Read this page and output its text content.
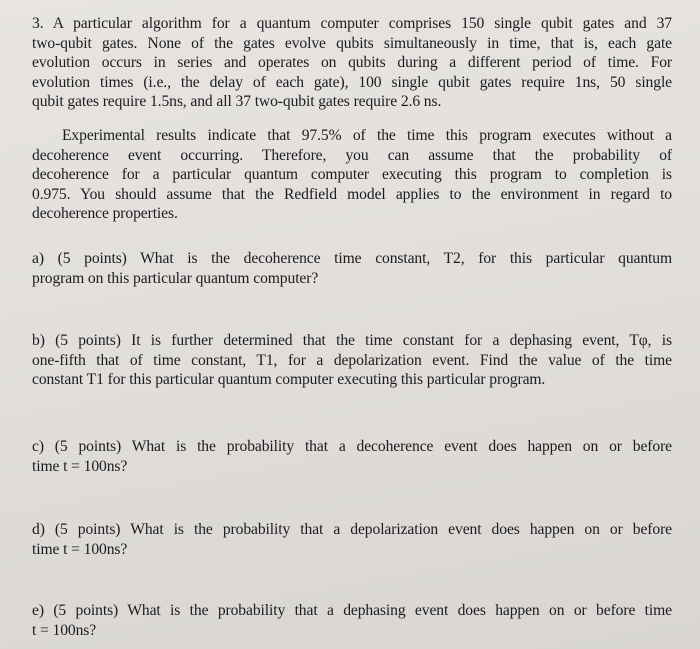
3. A particular algorithm for a quantum computer comprises 150 single qubit gates and 37
two-qubit gates. None of the gates evolve qubits simultaneously in time, that is, each gate
evolution occurs in series and operates on qubits during a different period of time. For
evolution times (i.e., the delay of each gate), 100 single qubit gates require 1ns, 50 single
qubit gates require 1.5ns, and all 37 two-qubit gates require 2.6 ns.
Experimental results indicate that 97.5% of the time this program executes without a
decoherence event occurring. Therefore, you can assume that the probability of
decoherence for a particular quantum computer executing this program to completion is
0.975. You should assume that the Redfield model applies to the environment in regard to
decoherence properties.
a) (5 points) What is the decoherence time constant, T2, for this particular quantum
program on this particular quantum computer?
b) (5 points) It is further determined that the time constant for a dephasing event, Tφ, is
one-fifth that of time constant, T1, for a depolarization event. Find the value of the time
constant T1 for this particular quantum computer executing this particular program.
c) (5 points) What is the probability that a decoherence event does happen on or before
time t = 100ns?
d) (5 points) What is the probability that a depolarization event does happen on or before
time t = 100ns?
e) (5 points) What is the probability that a dephasing event does happen on or before time
t = 100ns?
